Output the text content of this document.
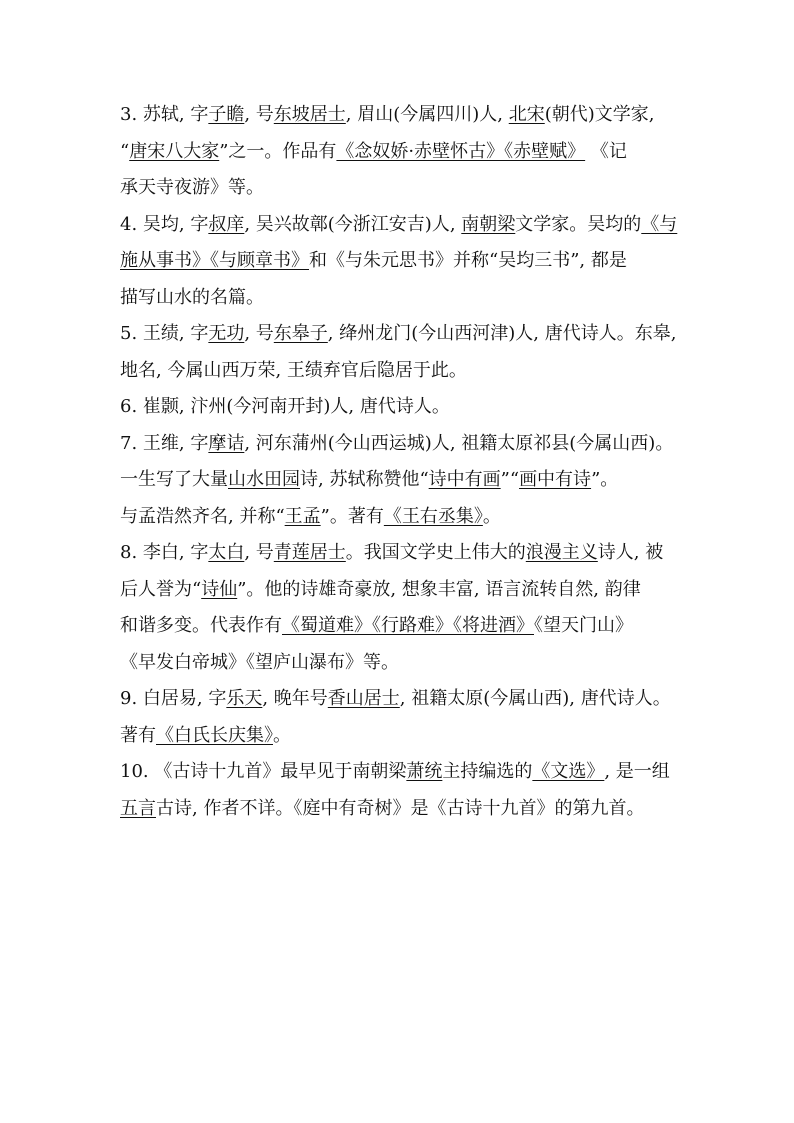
3. 苏轼, 字子瞻, 号东坡居士, 眉山(今属四川)人, 北宋(朝代)文学家,
“唐宋八大家”之一。作品有《念奴娇·赤壁怀古》《赤壁赋》 《记
承天寺夜游》等。
4. 吴均, 字叔庠, 吴兴故鄣(今浙江安吉)人, 南朝梁文学家。吴均的《与
施从事书》《与顾章书》和《与朱元思书》并称“吴均三书”, 都是
描写山水的名篇。
5. 王绩, 字无功, 号东皋子, 绛州龙门(今山西河津)人, 唐代诗人。东皋,
地名, 今属山西万荣, 王绩弃官后隐居于此。
6. 崔颢, 汴州(今河南开封)人, 唐代诗人。
7. 王维, 字摩诘, 河东蒲州(今山西运城)人, 祖籍太原祁县(今属山西)。
一生写了大量山水田园诗, 苏轼称赞他“诗中有画”“画中有诗”。
与孟浩然齐名, 并称“王孟”。著有《王右丞集》。
8. 李白, 字太白, 号青莲居士。我国文学史上伟大的浪漫主义诗人, 被
后人誉为“诗仙”。他的诗雄奇豪放, 想象丰富, 语言流转自然, 韵律
和谐多变。代表作有《蜀道难》《行路难》《将进酒》《望天门山》
《早发白帝城》《望庐山瀑布》等。
9. 白居易, 字乐天, 晚年号香山居士, 祖籍太原(今属山西), 唐代诗人。
著有《白氏长庆集》。
10. 《古诗十九首》最早见于南朝梁萧统主持编选的《文选》, 是一组
五言古诗, 作者不详。《庭中有奇树》是《古诗十九首》的第九首。
